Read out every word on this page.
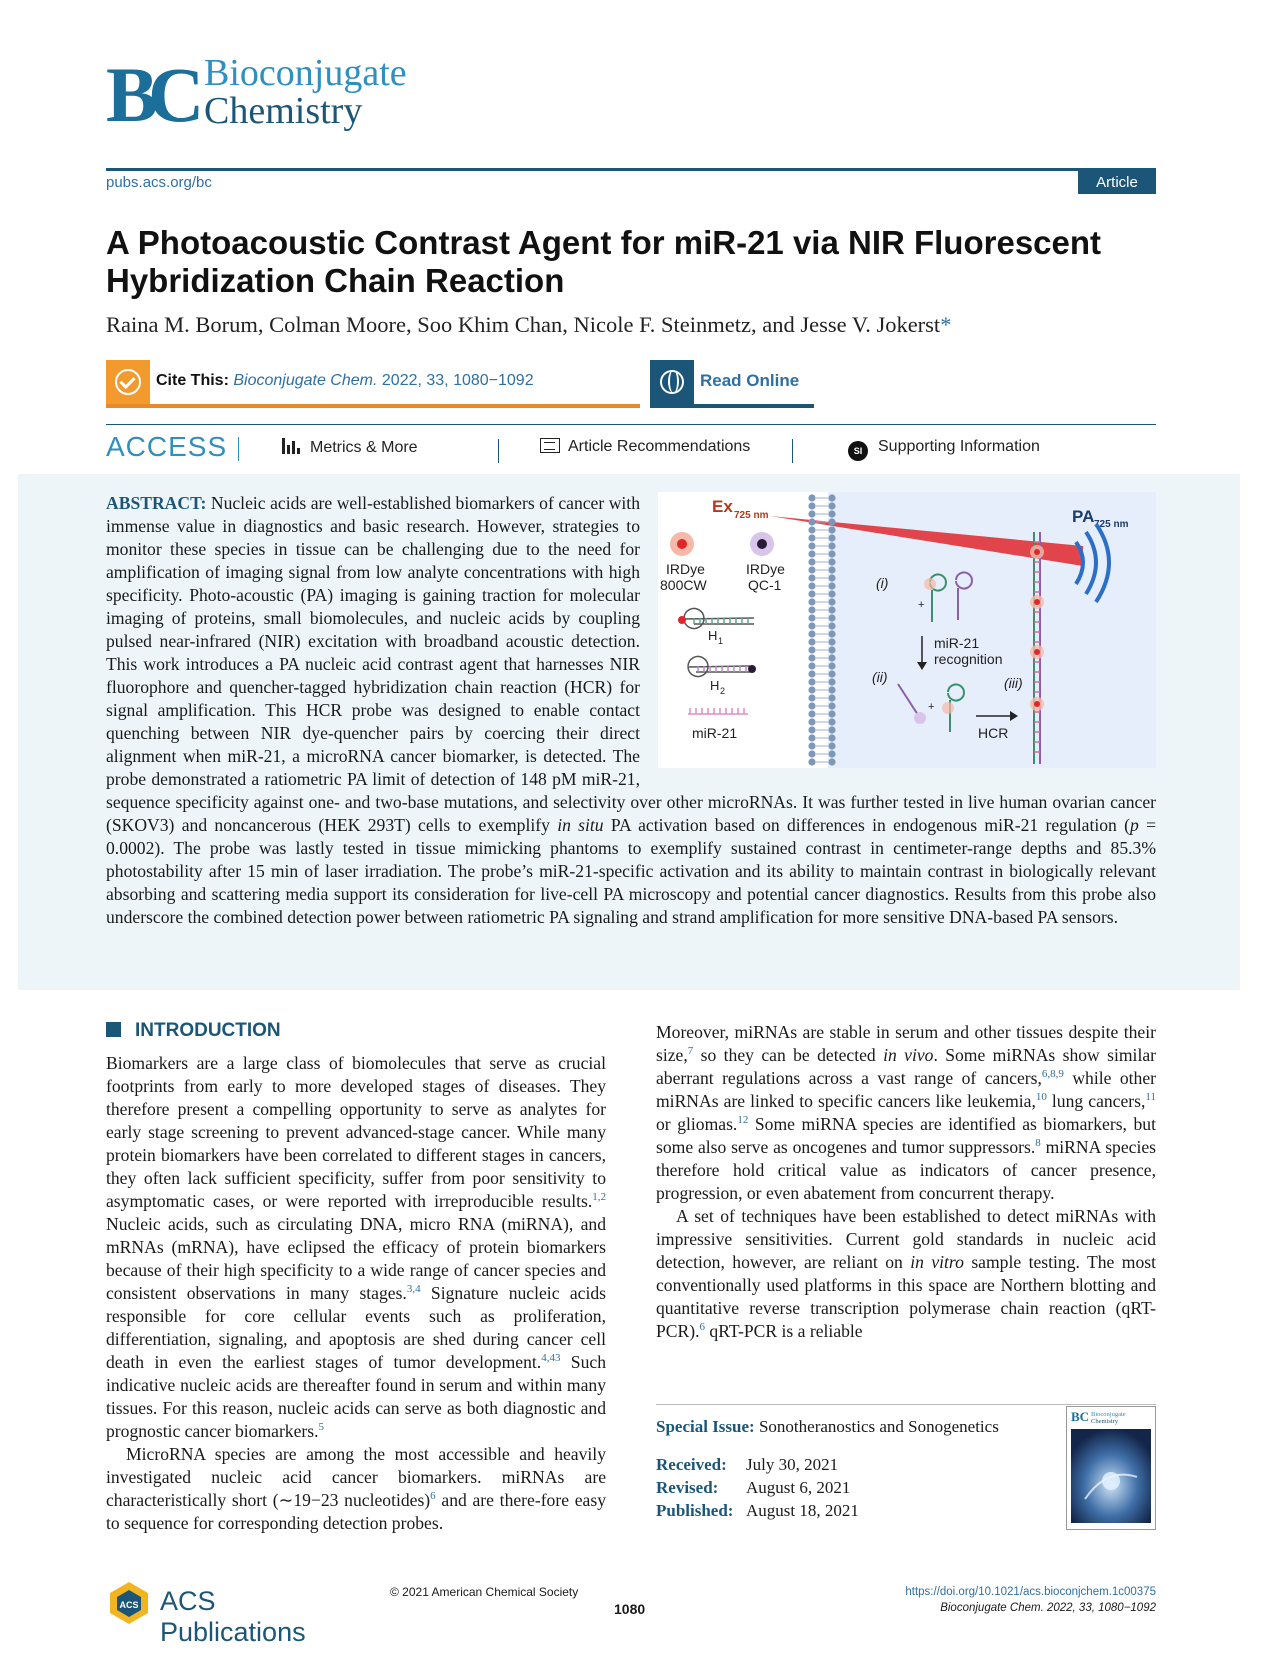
BC Bioconjugate
Chemistry
pubs.acs.org/bc	Article
A Photoacoustic Contrast Agent for miR-21 via NIR Fluorescent Hybridization Chain Reaction
Raina M. Borum, Colman Moore, Soo Khim Chan, Nicole F. Steinmetz, and Jesse V. Jokerst*
Cite This: Bioconjugate Chem. 2022, 33, 1080−1092	Read Online
ACCESS	Metrics & More	Article Recommendations	SI Supporting Information
Ex 725 nm	PA 725 nm
IRDye
800CW
IRDye
QC-1
H 1
H 2
miR-21
(i)
(ii)	(iii)
+
miR-21
recognition
+
HCR
ABSTRACT: Nucleic acids are well-established biomarkers of cancer with immense value in diagnostics and basic research. However, strategies to monitor these species in tissue can be challenging due to the need for amplification of imaging signal from low analyte concentrations with high specificity. Photo-acoustic (PA) imaging is gaining traction for molecular imaging of proteins, small biomolecules, and nucleic acids by coupling pulsed near-infrared (NIR) excitation with broadband acoustic detection. This work introduces a PA nucleic acid contrast agent that harnesses NIR fluorophore and quencher-tagged hybridization chain reaction (HCR) for signal amplification. This HCR probe was designed to enable contact quenching between NIR dye-quencher pairs by coercing their direct alignment when miR-21, a microRNA cancer biomarker, is detected. The probe demonstrated a ratiometric PA limit of detection of 148 pM miR-21, sequence specificity against one- and two-base mutations, and selectivity over other microRNAs. It was further tested in live human ovarian cancer (SKOV3) and noncancerous (HEK 293T) cells to exemplify in situ PA activation based on differences in endogenous miR-21 regulation (p = 0.0002). The probe was lastly tested in tissue mimicking phantoms to exemplify sustained contrast in centimeter-range depths and 85.3% photostability after 15 min of laser irradiation. The probe’s miR-21-specific activation and its ability to maintain contrast in biologically relevant absorbing and scattering media support its consideration for live-cell PA microscopy and potential cancer diagnostics. Results from this probe also underscore the combined detection power between ratiometric PA signaling and strand amplification for more sensitive DNA-based PA sensors.
INTRODUCTION

Biomarkers are a large class of biomolecules that serve as crucial footprints from early to more developed stages of diseases. They therefore present a compelling opportunity to serve as analytes for early stage screening to prevent advanced-stage cancer. While many protein biomarkers have been correlated to different stages in cancers, they often lack sufficient specificity, suffer from poor sensitivity to asymptomatic cases, or were reported with irreproducible results.$^{1,2}$ Nucleic acids, such as circulating DNA, micro RNA (miRNA), and mRNAs (mRNA), have eclipsed the efficacy of protein biomarkers because of their high specificity to a wide range of cancer species and consistent observations in many stages.$^{3,4}$ Signature nucleic acids responsible for core cellular events such as proliferation, differentiation, signaling, and apoptosis are shed during cancer cell death in even the earliest stages of tumor development.$^{4,43}$ Such indicative nucleic acids are thereafter found in serum and within many tissues. For this reason, nucleic acids can serve as both diagnostic and prognostic cancer biomarkers.$^5$

MicroRNA species are among the most accessible and heavily investigated nucleic acid cancer biomarkers. miRNAs are characteristically short (∼19−23 nucleotides)$^6$ and are there-fore easy to sequence for corresponding detection probes.

Moreover, miRNAs are stable in serum and other tissues despite their size,$^7$ so they can be detected in vivo. Some miRNAs show similar aberrant regulations across a vast range of cancers,$^{6,8,9}$ while other miRNAs are linked to specific cancers like leukemia,$^{10}$ lung cancers,$^{11}$ or gliomas.$^{12}$ Some miRNA species are identified as biomarkers, but some also serve as oncogenes and tumor suppressors.$^8$ miRNA species therefore hold critical value as indicators of cancer presence, progression, or even abatement from concurrent therapy.

A set of techniques have been established to detect miRNAs with impressive sensitivities. Current gold standards in nucleic acid detection, however, are reliant on in vitro sample testing. The most conventionally used platforms in this space are Northern blotting and quantitative reverse transcription polymerase chain reaction (qRT-PCR).$^6$ qRT-PCR is a reliable

Special Issue: Sonotheranostics and Sonogenetics
Received: July 30, 2021
Revised: August 6, 2021
Published: August 18, 2021
BC Bioconjugate
Chemistry
ACS ACS Publications
© 2021 American Chemical Society
1080
https://doi.org/10.1021/acs.bioconjchem.1c00375
Bioconjugate Chem. 2022, 33, 1080−1092
